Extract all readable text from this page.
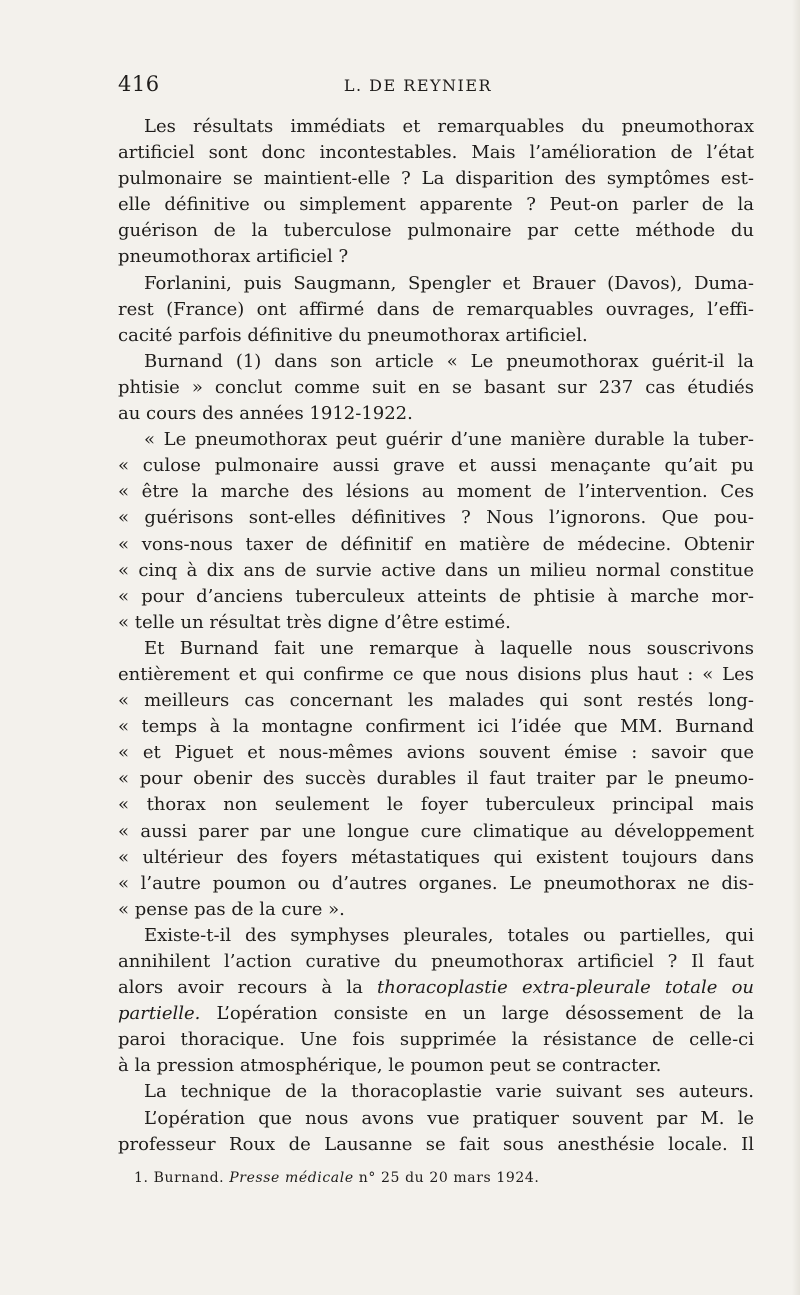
416	L. DE REYNIER
Les résultats immédiats et remarquables du pneumothorax
artificiel sont donc incontestables. Mais l’amélioration de l’état
pulmonaire se maintient-elle ? La disparition des symptômes est-
elle définitive ou simplement apparente ? Peut-on parler de la
guérison de la tuberculose pulmonaire par cette méthode du
pneumothorax artificiel ?
Forlanini, puis Saugmann, Spengler et Brauer (Davos), Duma-
rest (France) ont affirmé dans de remarquables ouvrages, l’effi-
cacité parfois définitive du pneumothorax artificiel.
Burnand (1) dans son article « Le pneumothorax guérit-il la
phtisie » conclut comme suit en se basant sur 237 cas étudiés
au cours des années 1912-1922.
« Le pneumothorax peut guérir d’une manière durable la tuber-
« culose pulmonaire aussi grave et aussi menaçante qu’ait pu
« être la marche des lésions au moment de l’intervention. Ces
« guérisons sont-elles définitives ? Nous l’ignorons. Que pou-
« vons-nous taxer de définitif en matière de médecine. Obtenir
« cinq à dix ans de survie active dans un milieu normal constitue
« pour d’anciens tuberculeux atteints de phtisie à marche mor-
« telle un résultat très digne d’être estimé.
Et Burnand fait une remarque à laquelle nous souscrivons
entièrement et qui confirme ce que nous disions plus haut : « Les
« meilleurs cas concernant les malades qui sont restés long-
« temps à la montagne confirment ici l’idée que MM. Burnand
« et Piguet et nous-mêmes avions souvent émise : savoir que
« pour obenir des succès durables il faut traiter par le pneumo-
« thorax non seulement le foyer tuberculeux principal mais
« aussi parer par une longue cure climatique au développement
« ultérieur des foyers métastatiques qui existent toujours dans
« l’autre poumon ou d’autres organes. Le pneumothorax ne dis-
« pense pas de la cure ».
Existe-t-il des symphyses pleurales, totales ou partielles, qui
annihilent l’action curative du pneumothorax artificiel ? Il faut
alors avoir recours à la thoracoplastie extra-pleurale totale ou
partielle. L’opération consiste en un large désossement de la
paroi thoracique. Une fois supprimée la résistance de celle-ci
à la pression atmosphérique, le poumon peut se contracter.
La technique de la thoracoplastie varie suivant ses auteurs.
L’opération que nous avons vue pratiquer souvent par M. le
professeur Roux de Lausanne se fait sous anesthésie locale. Il
1. Burnand. Presse médicale n° 25 du 20 mars 1924.
